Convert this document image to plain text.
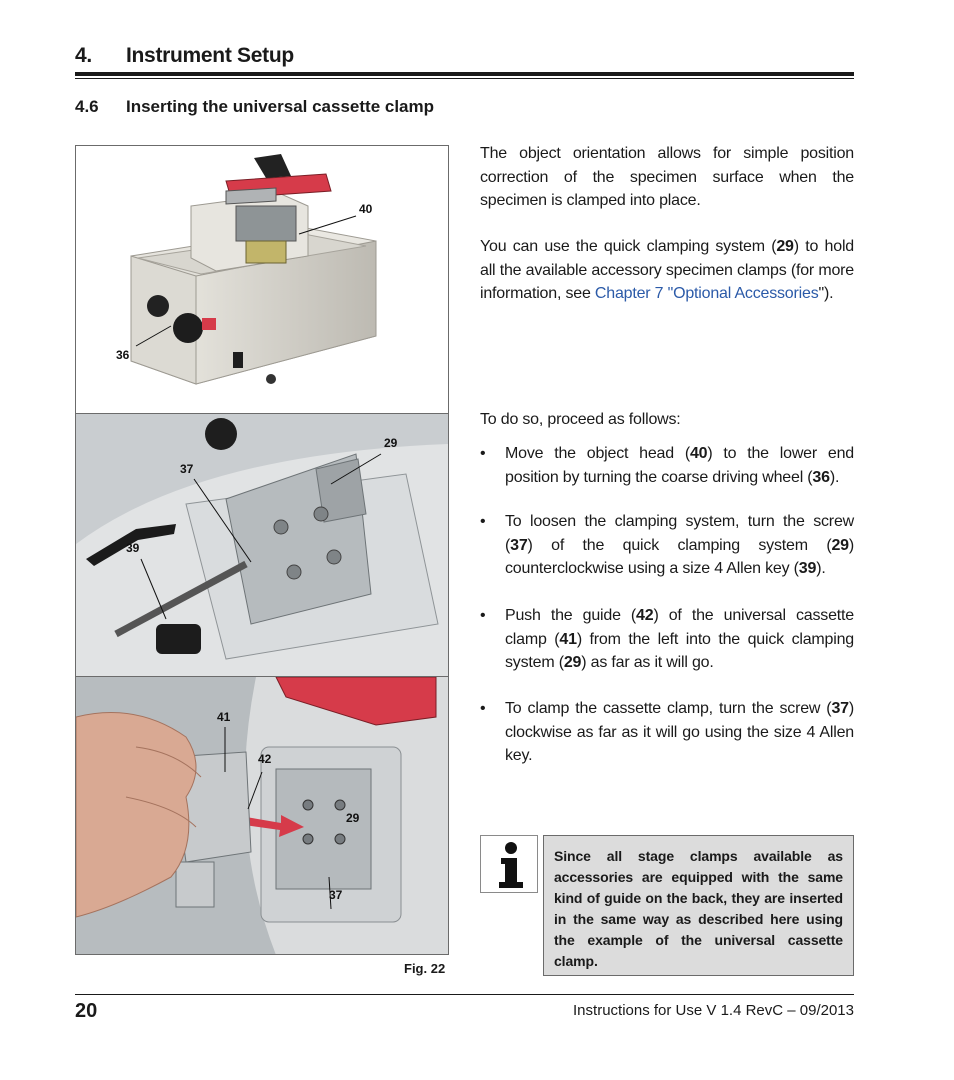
4. Instrument Setup
4.6 Inserting the universal cassette clamp
40
36
29
37
39
41
42
29
37
Fig. 22
The object orientation allows for simple position correction of the specimen surface when the specimen is clamped into place.
You can use the quick clamping system (29) to hold all the available accessory specimen clamps (for more information, see Chapter 7 "Optional Accessories").
To do so, proceed as follows:
•	Move the object head (40) to the lower end position by turning the coarse driving wheel (36).
•	To loosen the clamping system, turn the screw (37) of the quick clamping system (29) counterclockwise using a size 4 Allen key (39).
•	Push the guide (42) of the universal cassette clamp (41) from the left into the quick clamping system (29) as far as it will go.
•	To clamp the cassette clamp, turn the screw (37) clockwise as far as it will go using the size 4 Allen key.
Since all stage clamps available as accessories are equipped with the same kind of guide on the back, they are inserted in the same way as described here using the example of the universal cassette clamp.
20	Instructions for Use V 1.4 RevC – 09/2013
